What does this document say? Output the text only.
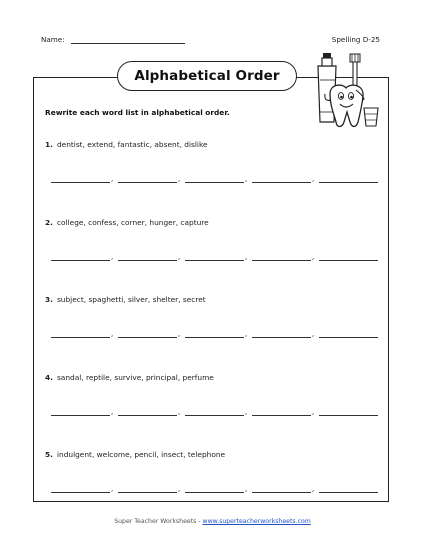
Name:	Spelling D-25
Alphabetical Order
Rewrite each word list in alphabetical order.
1. dentist, extend, fantastic, absent, dislike
,	,	,	,
2. college, confess, corner, hunger, capture
,	,	,	,
3. subject, spaghetti, silver, shelter, secret
,	,	,	,
4. sandal, reptile, survive, principal, perfume
,	,	,	,
5. indulgent, welcome, pencil, insect, telephone
,	,	,	,
Super Teacher Worksheets - www.superteacherworksheets.com
